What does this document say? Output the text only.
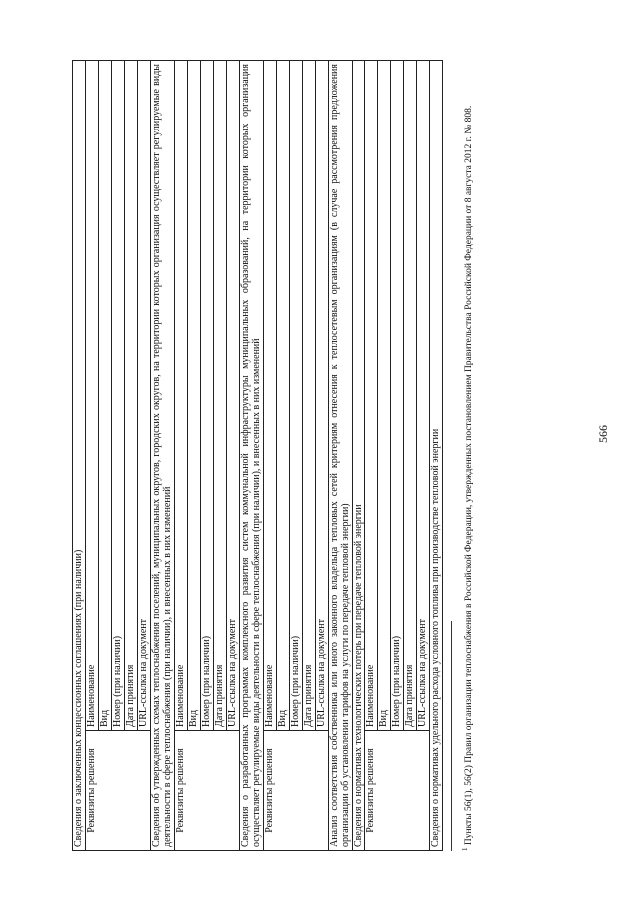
566
Сведения о заключенных концессионных соглашениях (при наличии)	
Реквизиты решения	Наименование
	Вид
	Номер (при наличии)
	Дата принятия
	URL-ссылка на документ
Сведения об утвержденных схемах теплоснабжения поселений, муниципальных округов, городских округов, на территории которых организация осуществляет регулируемые виды деятельности в сфере теплоснабжения (при наличии), и внесенных в них изменений	
Реквизиты решения	Наименование
	Вид
	Номер (при наличии)
	Дата принятия
	URL-ссылка на документ
Сведения о разработанных программах комплексного развития систем коммунальной инфраструктуры муниципальных образований, на территории которых организация осуществляет регулируемые виды деятельности в сфере теплоснабжения (при наличии), и внесенных в них изменений	
Реквизиты решения	Наименование
	Вид
	Номер (при наличии)
	Дата принятия
	URL-ссылка на документ
Анализ соответствия собственника или иного законного владельца тепловых сетей критериям отнесения к теплосетевым организациям (в случае рассмотрения предложения организации об установлении тарифов на услуги по передаче тепловой энергии)	
Сведения о нормативах технологических потерь при передаче тепловой энергии	
Реквизиты решения	Наименование
	Вид
	Номер (при наличии)
	Дата принятия
	URL-ссылка на документ
Сведения о нормативах удельного расхода условного топлива при производстве тепловой энергии	
$^1$ Пункты 56(1), 56(2) Правил организации теплоснабжения в Российской Федерации, утвержденных постановлением Правительства Российской Федерации от 8 августа 2012 г. № 808.
